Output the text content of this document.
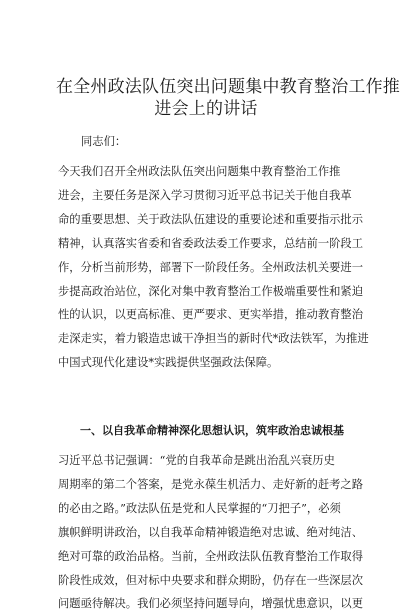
在全州政法队伍突出问题集中教育整治工作推
进会上的讲话
同志们：
今天我们召开全州政法队伍突出问题集中教育整治工作推
进会，主要任务是深入学习贯彻习近平总书记关于他自我革
命的重要思想、关于政法队伍建设的重要论述和重要指示批示
精神，认真落实省委和省委政法委工作要求，总结前一阶段工
作，分析当前形势，部署下一阶段任务。全州政法机关要进一
步提高政治站位，深化对集中教育整治工作极端重要性和紧迫
性的认识，以更高标准、更严要求、更实举措，推动教育整治
走深走实，着力锻造忠诚干净担当的新时代*政法铁军，为推进
中国式现代化建设*实践提供坚强政法保障。
一、以自我革命精神深化思想认识，筑牢政治忠诚根基
习近平总书记强调：“党的自我革命是跳出治乱兴衰历史
周期率的第二个答案，是党永葆生机活力、走好新的赶考之路
的必由之路。”政法队伍是党和人民掌握的“刀把子”，必须
旗帜鲜明讲政治，以自我革命精神锻造绝对忠诚、绝对纯洁、
绝对可靠的政治品格。当前，全州政法队伍教育整治工作取得
阶段性成效，但对标中央要求和群众期盼，仍存在一些深层次
问题亟待解决。我们必须坚持问题导向，增强忧患意识，以更
